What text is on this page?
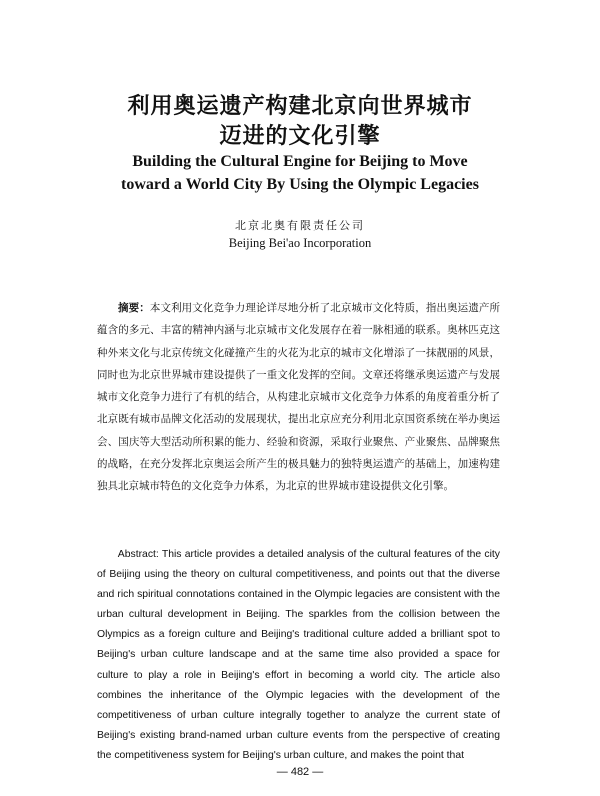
利用奥运遗产构建北京向世界城市
迈进的文化引擎
Building the Cultural Engine for Beijing to Move
toward a World City By Using the Olympic Legacies
北京北奥有限责任公司
Beijing Bei'ao Incorporation

摘要：本文利用文化竞争力理论详尽地分析了北京城市文化特质，指出奥运遗产所蕴含的多元、丰富的精神内涵与北京城市文化发展存在着一脉相通的联系。奥林匹克这种外来文化与北京传统文化碰撞产生的火花为北京的城市文化增添了一抹靓丽的风景，同时也为北京世界城市建设提供了一重文化发挥的空间。文章还将继承奥运遗产与发展城市文化竞争力进行了有机的结合，从构建北京城市文化竞争力体系的角度着重分析了北京既有城市品牌文化活动的发展现状，提出北京应充分利用北京国资系统在举办奥运会、国庆等大型活动所积累的能力、经验和资源，采取行业聚焦、产业聚焦、品牌聚焦的战略，在充分发挥北京奥运会所产生的极具魅力的独特奥运遗产的基础上，加速构建独具北京城市特色的文化竞争力体系，为北京的世界城市建设提供文化引擎。

Abstract: This article provides a detailed analysis of the cultural features of the city of Beijing using the theory on cultural competitiveness, and points out that the diverse and rich spiritual connotations contained in the Olympic legacies are consistent with the urban cultural development in Beijing. The sparkles from the collision between the Olympics as a foreign culture and Beijing's traditional culture added a brilliant spot to Beijing's urban culture landscape and at the same time also provided a space for culture to play a role in Beijing's effort in becoming a world city. The article also combines the inheritance of the Olympic legacies with the development of the competitiveness of urban culture integrally together to analyze the current state of Beijing's existing brand-named urban culture events from the perspective of creating the competitiveness system for Beijing's urban culture, and makes the point that

— 482 —
